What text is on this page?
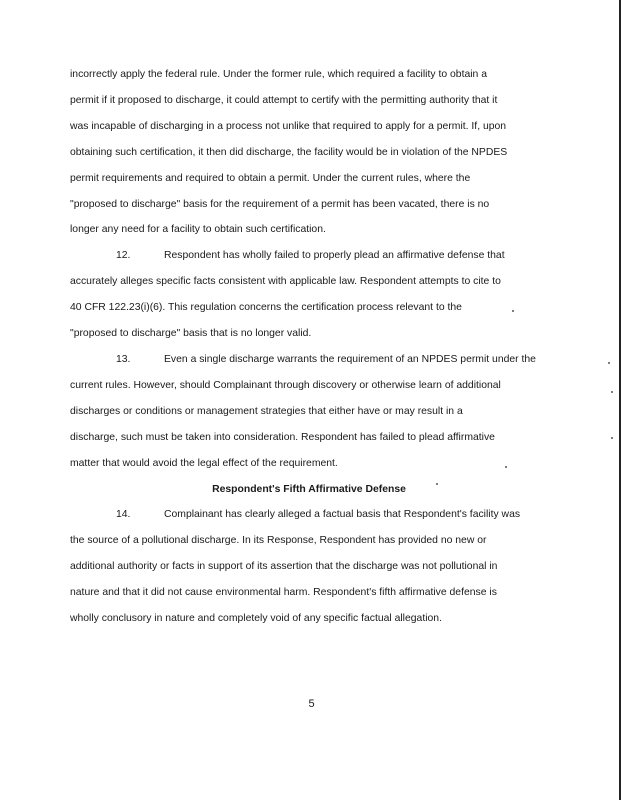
incorrectly apply the federal rule. Under the former rule, which required a facility to obtain a
permit if it proposed to discharge, it could attempt to certify with the permitting authority that it
was incapable of discharging in a process not unlike that required to apply for a permit. If, upon
obtaining such certification, it then did discharge, the facility would be in violation of the NPDES
permit requirements and required to obtain a permit. Under the current rules, where the
"proposed to discharge" basis for the requirement of a permit has been vacated, there is no
longer any need for a facility to obtain such certification.
12.	Respondent has wholly failed to properly plead an affirmative defense that
accurately alleges specific facts consistent with applicable law. Respondent attempts to cite to
40 CFR 122.23(i)(6). This regulation concerns the certification process relevant to the
"proposed to discharge" basis that is no longer valid.
13.	Even a single discharge warrants the requirement of an NPDES permit under the
current rules. However, should Complainant through discovery or otherwise learn of additional
discharges or conditions or management strategies that either have or may result in a
discharge, such must be taken into consideration. Respondent has failed to plead affirmative
matter that would avoid the legal effect of the requirement.
Respondent's Fifth Affirmative Defense
14.	Complainant has clearly alleged a factual basis that Respondent's facility was
the source of a pollutional discharge. In its Response, Respondent has provided no new or
additional authority or facts in support of its assertion that the discharge was not pollutional in
nature and that it did not cause environmental harm. Respondent's fifth affirmative defense is
wholly conclusory in nature and completely void of any specific factual allegation.
5
